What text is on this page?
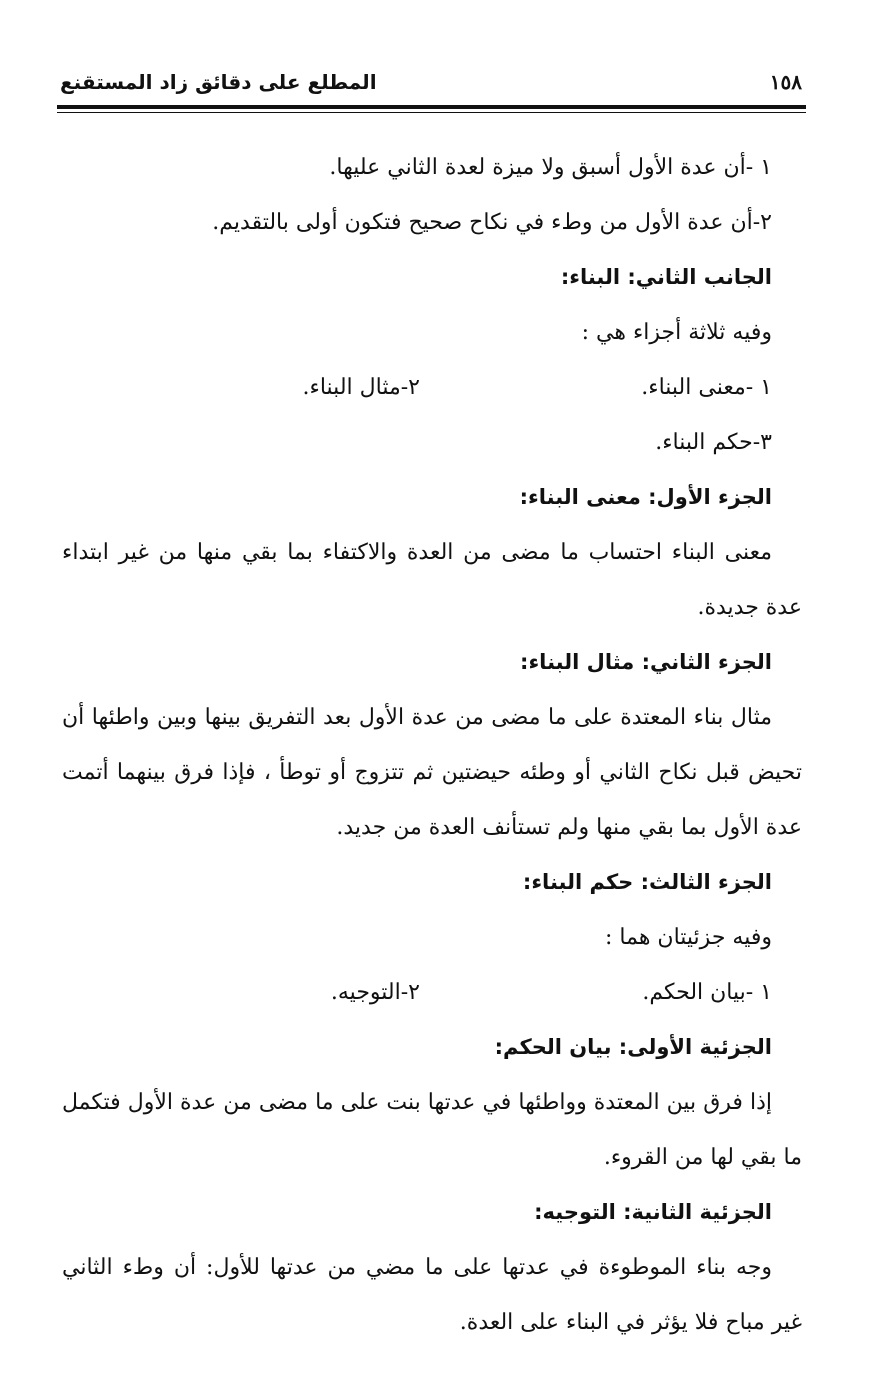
١٥٨
المطلع على دقائق زاد المستقنع
١ -أن عدة الأول أسبق ولا ميزة لعدة الثاني عليها.
٢-أن عدة الأول من وطء في نكاح صحيح فتكون أولى بالتقديم.
الجانب الثاني: البناء:
وفيه ثلاثة أجزاء هي :
١ -معنى البناء.
٢-مثال البناء.
٣-حكم البناء.
الجزء الأول: معنى البناء:
معنى البناء احتساب ما مضى من العدة والاكتفاء بما بقي منها من غير ابتداء
عدة جديدة.
الجزء الثاني: مثال البناء:
مثال بناء المعتدة على ما مضى من عدة الأول بعد التفريق بينها وبين واطئها أن
تحيض قبل نكاح الثاني أو وطئه حيضتين ثم تتزوج أو توطأ ، فإذا فرق بينهما أتمت
عدة الأول بما بقي منها ولم تستأنف العدة من جديد.
الجزء الثالث: حكم البناء:
وفيه جزئيتان هما :
١ -بيان الحكم.
٢-التوجيه.
الجزئية الأولى: بيان الحكم:
إذا فرق بين المعتدة وواطئها في عدتها بنت على ما مضى من عدة الأول فتكمل
ما بقي لها من القروء.
الجزئية الثانية: التوجيه:
وجه بناء الموطوءة في عدتها على ما مضي من عدتها للأول: أن وطء الثاني
غير مباح فلا يؤثر في البناء على العدة.
